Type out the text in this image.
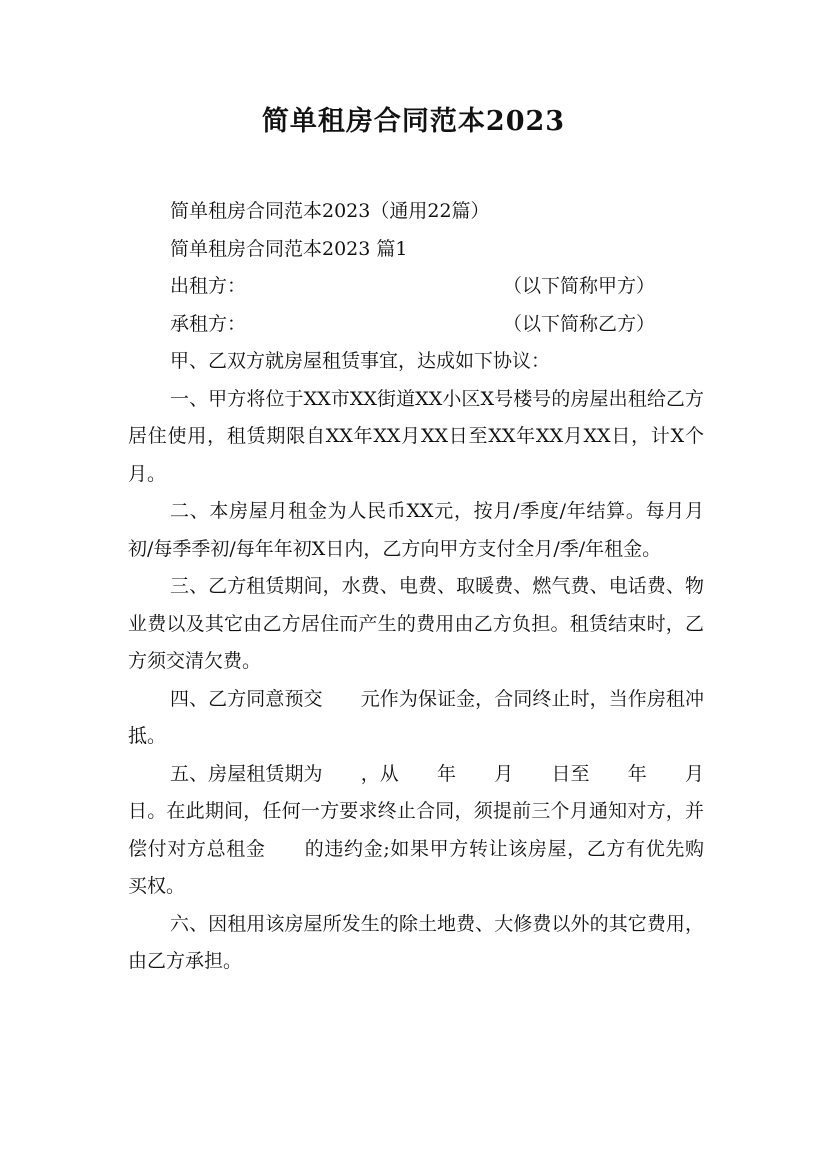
简单租房合同范本2023

简单租房合同范本2023（通用22篇）

简单租房合同范本2023 篇1

出租方：	（以下简称甲方）
承租方：	（以下简称乙方）

甲、乙双方就房屋租赁事宜，达成如下协议：

一、甲方将位于XX市XX街道XX小区X号楼号的房屋出租给乙方居住使用，租赁期限自XX年XX月XX日至XX年XX月XX日，计X个月。

二、本房屋月租金为人民币XX元，按月/季度/年结算。每月月初/每季季初/每年年初X日内，乙方向甲方支付全月/季/年租金。

三、乙方租赁期间，水费、电费、取暖费、燃气费、电话费、物业费以及其它由乙方居住而产生的费用由乙方负担。租赁结束时，乙方须交清欠费。

四、乙方同意预交　　元作为保证金，合同终止时，当作房租冲抵。

五、房屋租赁期为　　，从　　年　　月　　日至　　年　　月　　日。在此期间，任何一方要求终止合同，须提前三个月通知对方，并偿付对方总租金　　的违约金;如果甲方转让该房屋，乙方有优先购买权。

六、因租用该房屋所发生的除土地费、大修费以外的其它费用，由乙方承担。
